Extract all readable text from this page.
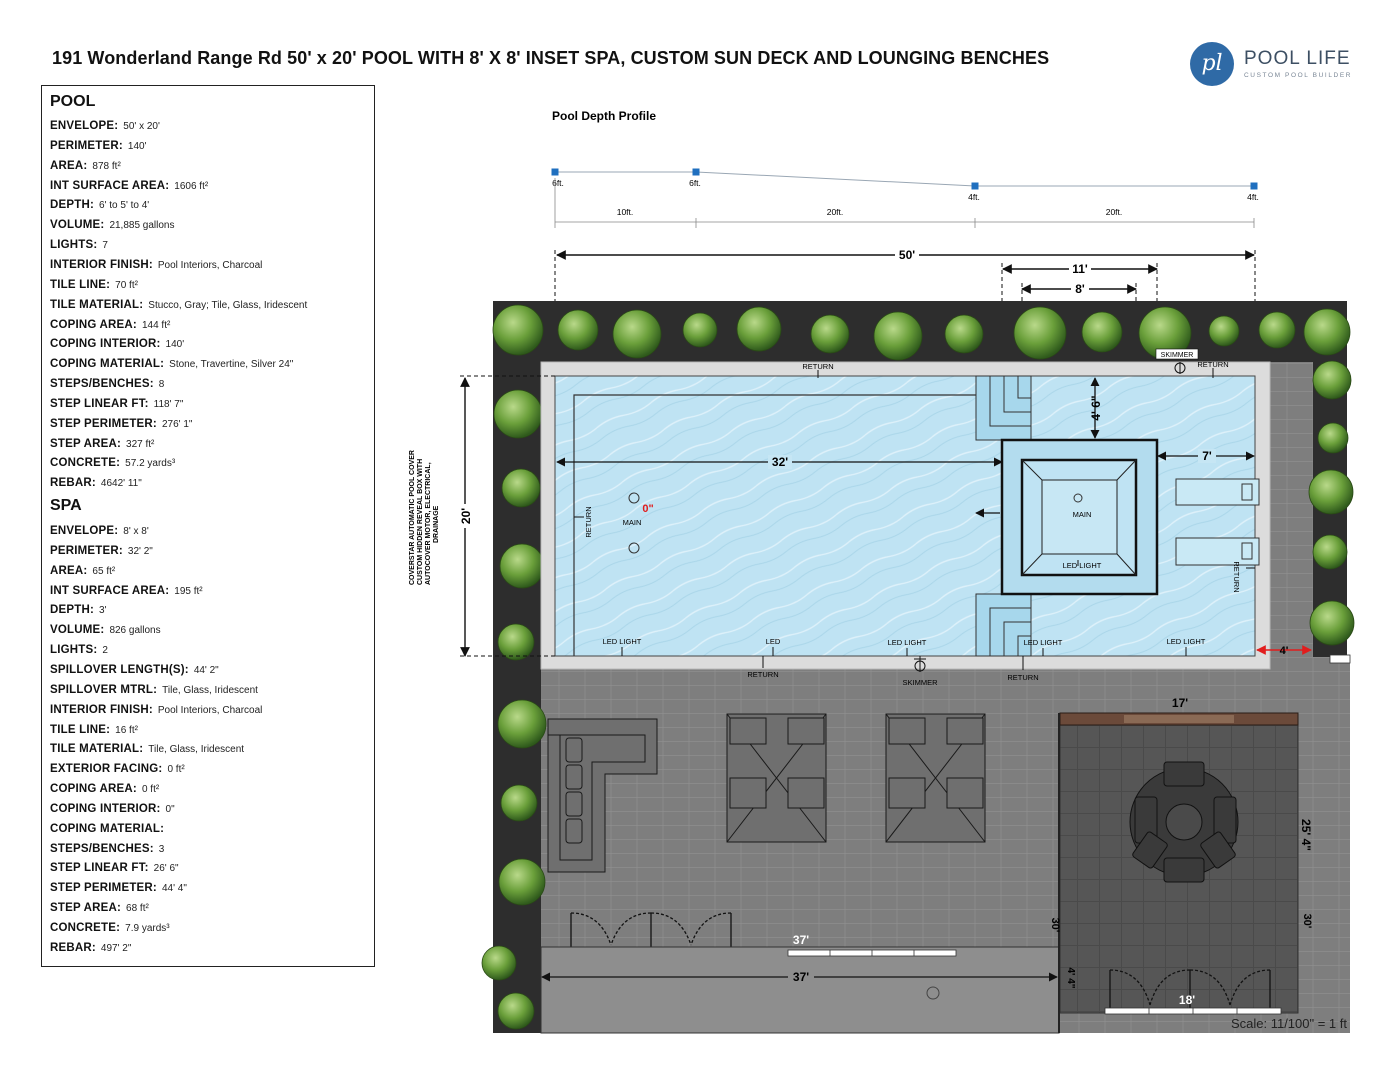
191 Wonderland Range Rd 50' x 20' POOL WITH 8' X 8' INSET SPA, CUSTOM SUN DECK AND LOUNGING BENCHES	pl	POOL LIFE
CUSTOM POOL BUILDER
POOL
ENVELOPE: 50' x 20'
PERIMETER: 140'
AREA: 878 ft²
INT SURFACE AREA: 1606 ft²
DEPTH: 6' to 5' to 4'
VOLUME: 21,885 gallons
LIGHTS: 7
INTERIOR FINISH: Pool Interiors, Charcoal
TILE LINE: 70 ft²
TILE MATERIAL: Stucco, Gray; Tile, Glass, Iridescent
COPING AREA: 144 ft²
COPING INTERIOR: 140'
COPING MATERIAL: Stone, Travertine, Silver 24"
STEPS/BENCHES: 8
STEP LINEAR FT: 118' 7"
STEP PERIMETER: 276' 1"
STEP AREA: 327 ft²
CONCRETE: 57.2 yards³
REBAR: 4642' 11"
SPA
ENVELOPE: 8' x 8'
PERIMETER: 32' 2"
AREA: 65 ft²
INT SURFACE AREA: 195 ft²
DEPTH: 3'
VOLUME: 826 gallons
LIGHTS: 2
SPILLOVER LENGTH(S): 44' 2"
SPILLOVER MTRL: Tile, Glass, Iridescent
INTERIOR FINISH: Pool Interiors, Charcoal
TILE LINE: 16 ft²
TILE MATERIAL: Tile, Glass, Iridescent
EXTERIOR FACING: 0 ft²
COPING AREA: 0 ft²
COPING INTERIOR: 0"
COPING MATERIAL:
STEPS/BENCHES: 3
STEP LINEAR FT: 26' 6"
STEP PERIMETER: 44' 4"
STEP AREA: 68 ft²
CONCRETE: 7.9 yards³
REBAR: 497' 2"
Pool Depth Profile
6ft.	6ft.
4ft.	4ft.
10ft.	20ft.	20ft.
50'
11'
8'
MAIN
LED LIGHT
32'	7'
4' 6"
20'
COVERSTAR AUTOMATIC POOL COVER CUSTOM HIDDEN REVEAL BOX WITH AUTOCOVER MOTOR, ELECTRICAL, DRAINAGE	MAIN
0"
RETURN
RETURN
RETURN	RETURN
SKIMMER
LED LIGHT	LED	LED LIGHT	LED LIGHT	LED LIGHT
RETURN
SKIMMER
RETURN
4'
17'
25' 4"
37'
37'
30'	30'
4' 4"
18'
Scale: 11/100" = 1 ft
